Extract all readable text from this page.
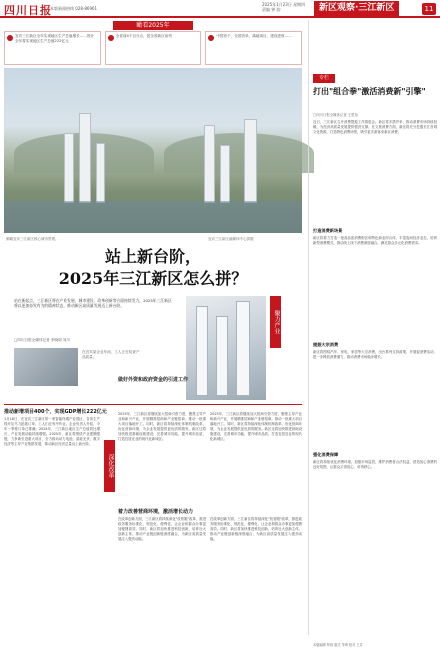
四川日报
本版新闻热线 028-86961
2025年1月23日 星期四
责编 钟 韵	新区观察·三江新区	11
瞰看2025年
宜宾三江新区全年实现地区生产总值增长……预计全年将实现地区生产总值222亿元
全省前4个百分点，居全省新区前列	中国首个，全国首单，落地项目，建设进度……
俯瞰宜宾三江新区核心城市景观。	宜宾三江新区融媒体中心供图
站上新台阶，
2025年三江新区怎么拼？
站在新起点，三江新区将在产业发展、城市建设、改革创新等方面持续发力，2025年三江新区将以更加奋发有为的精神状态，推动新区高质量发展迈上新台阶。
□四川日报全媒体记者 李晓明 刘川
在宜宾某企业车间，工人正在检查产品质量。
聚力产业
深化改革
推动新增项目400个、实现GDP增长222亿元
1月16日，在宜宾三江新区的一家智能终端产业园区，各条生产线开足马力抢抓订单，工人们正有序作业。企业负责人介绍，今年一季度订单已排满。2024年，三江新区地区生产总值同比增长，产业发展动能持续增强。2025年，新区将围绕产业建圈强链，力争新引进重大项目，全力推动动力电池、晶硅光伏、数字经济等主导产业集群发展，推动新区经济总量迈上新台阶。
做好外资和政府资金的引进工作
2025年，三江新区将继续加大招商引资力度，聚焦主导产业和新兴产业，开展精准招商和产业链招商，推动一批重大项目落地开工。同时，新区将持续深化体制机制改革，优化营商环境，为企业发展提供更优质的服务。新区还将加快推进基础设施建设，完善城市功能，提升城市品质，打造宜居宜业的现代化新城区。
着力改善营商环境，激活增长动力
在改革创新方面，三江新区将持续深化"放管服"改革，推进政务服务标准化、规范化、便利化，让企业和群众办事更加便捷高效。同时，新区将加快推进科技创新，培育壮大创新主体，推动产业链创新链深度融合，为新区高质量发展注入强劲动能。
2025年，三江新区将继续加大招商引资力度，聚焦主导产业和新兴产业，开展精准招商和产业链招商，推动一批重大项目落地开工。同时，新区将持续深化体制机制改革，优化营商环境，为企业发展提供更优质的服务。新区还将加快推进基础设施建设，完善城市功能，提升城市品质，打造宜居宜业的现代化新城区。
在改革创新方面，三江新区将持续深化"放管服"改革，推进政务服务标准化、规范化、便利化，让企业和群众办事更加便捷高效。同时，新区将加快推进科技创新，培育壮大创新主体，推动产业链创新链深度融合，为新区高质量发展注入强劲动能。
专栏
打出"组合拳"激活消费新"引擎"
□四川日报全媒体记者 王思怡
近日，三江新区召开消费提振工作推进会。新区将多措并举，推动消费市场持续回暖，为经济高质量发展提供强劲支撑。在文旅消费方面，新区将充分挖掘长江首城文化资源，打造特色消费场景，吸引更多游客来新区消费。
打造消费新场景
新区将着力打造一批高品质消费街区和特色商业综合体，丰富夜间经济业态，培育新型消费模式，推动线上线下消费深度融合，满足群众多元化消费需求。
提振大宗消费
新区将围绕汽车、家电、家居等大宗消费，出台系列支持政策，开展促消费活动，进一步释放消费潜力，推动消费市场稳步增长。
强化消费保障
新区将持续优化消费环境，加强市场监管，维护消费者合法权益，营造放心消费的良好氛围，让群众买得放心、用得舒心。
本版编辑 钟韵 版式 李琦 校对 王芳
